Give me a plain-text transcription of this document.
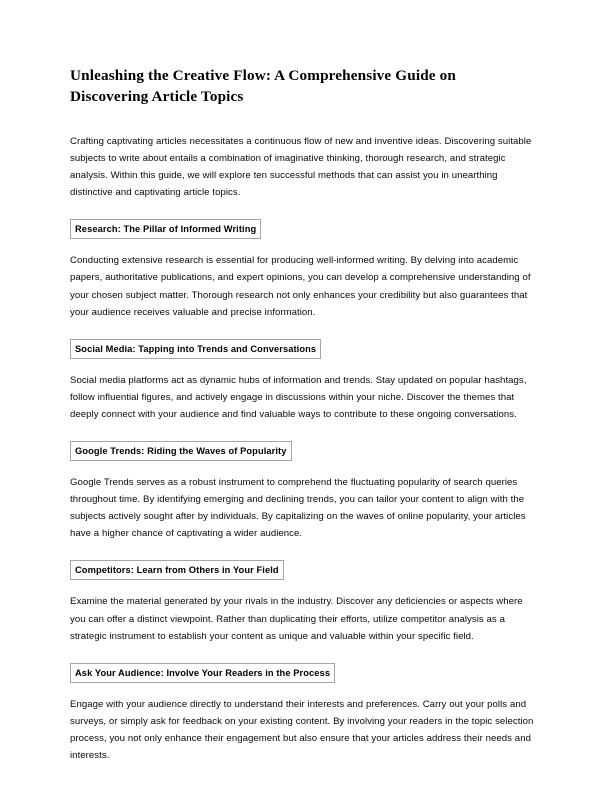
Unleashing the Creative Flow: A Comprehensive Guide on Discovering Article Topics

Crafting captivating articles necessitates a continuous flow of new and inventive ideas. Discovering suitable subjects to write about entails a combination of imaginative thinking, thorough research, and strategic analysis. Within this guide, we will explore ten successful methods that can assist you in unearthing distinctive and captivating article topics.

Research: The Pillar of Informed Writing

Conducting extensive research is essential for producing well-informed writing. By delving into academic papers, authoritative publications, and expert opinions, you can develop a comprehensive understanding of your chosen subject matter. Thorough research not only enhances your credibility but also guarantees that your audience receives valuable and precise information.

Social Media: Tapping into Trends and Conversations

Social media platforms act as dynamic hubs of information and trends. Stay updated on popular hashtags, follow influential figures, and actively engage in discussions within your niche. Discover the themes that deeply connect with your audience and find valuable ways to contribute to these ongoing conversations.

Google Trends: Riding the Waves of Popularity

Google Trends serves as a robust instrument to comprehend the fluctuating popularity of search queries throughout time. By identifying emerging and declining trends, you can tailor your content to align with the subjects actively sought after by individuals. By capitalizing on the waves of online popularity, your articles have a higher chance of captivating a wider audience.

Competitors: Learn from Others in Your Field

Examine the material generated by your rivals in the industry. Discover any deficiencies or aspects where you can offer a distinct viewpoint. Rather than duplicating their efforts, utilize competitor analysis as a strategic instrument to establish your content as unique and valuable within your specific field.

Ask Your Audience: Involve Your Readers in the Process

Engage with your audience directly to understand their interests and preferences. Carry out your polls and surveys, or simply ask for feedback on your existing content. By involving your readers in the topic selection process, you not only enhance their engagement but also ensure that your articles address their needs and interests.
